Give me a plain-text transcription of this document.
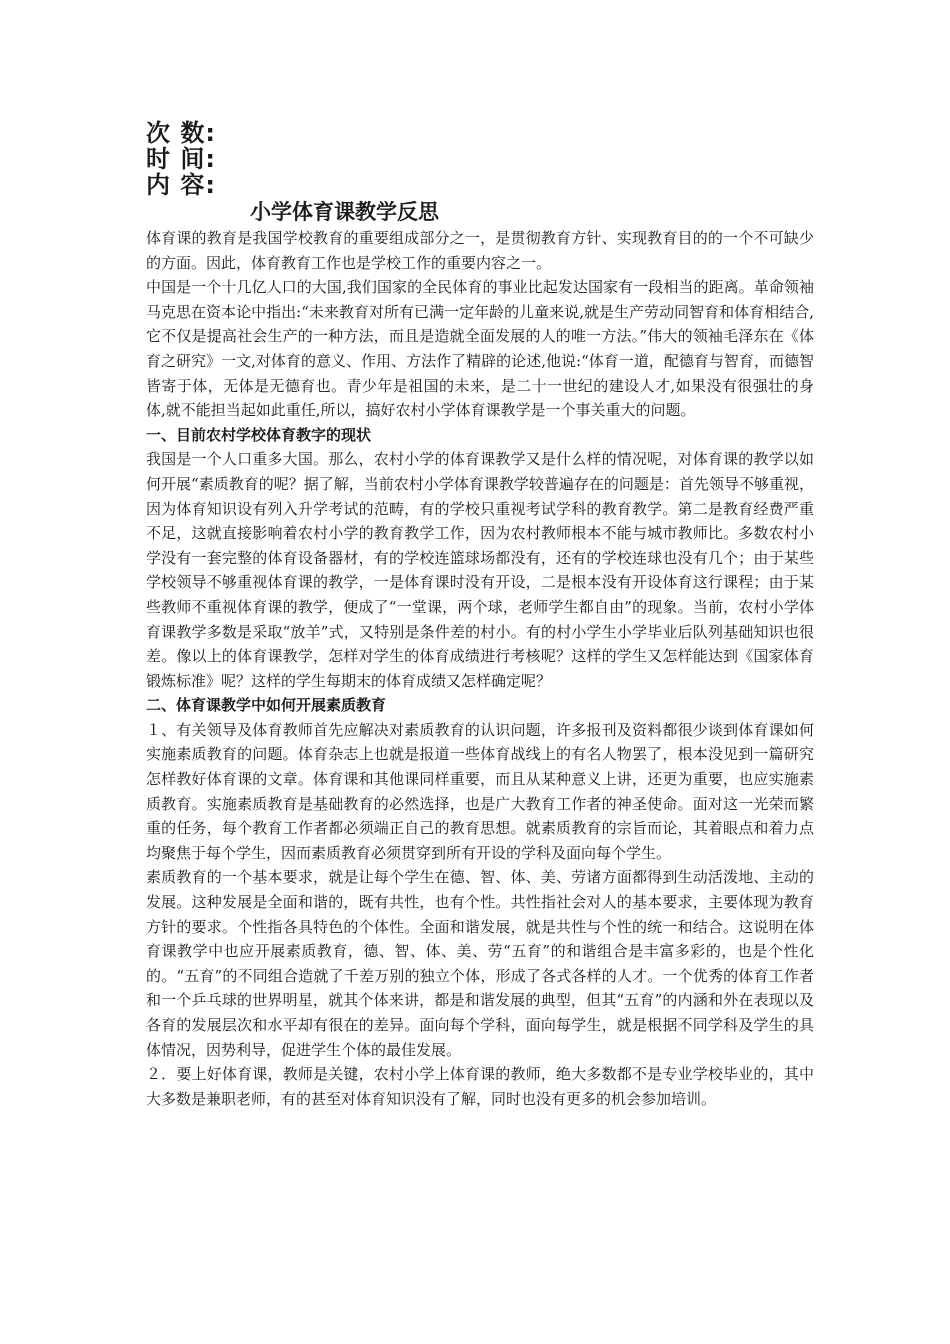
次 数:
时 间:
内 容:
小学体育课教学反思

体育课的教育是我国学校教育的重要组成部分之一，是贯彻教育方针、实现教育目的的一个不可缺少的方面。因此，体育教育工作也是学校工作的重要内容之一。

中国是一个十几亿人口的大国,我们国家的全民体育的事业比起发达国家有一段相当的距离。革命领袖马克思在资本论中指出:“未来教育对所有已满一定年龄的儿童来说,就是生产劳动同智育和体育相结合,它不仅是提高社会生产的一种方法，而且是造就全面发展的人的唯一方法。”伟大的领袖毛泽东在《体育之研究》一文,对体育的意义、作用、方法作了精辟的论述,他说:“体育一道，配德育与智育，而德智皆寄于体，无体是无德育也。青少年是祖国的未来，是二十一世纪的建设人才,如果没有很强壮的身体,就不能担当起如此重任,所以，搞好农村小学体育课教学是一个事关重大的问题。

一、目前农村学校体育教字的现状

我国是一个人口重多大国。那么，农村小学的体育课教学又是什么样的情况呢，对体育课的教学以如何开展“素质教育的呢？据了解，当前农村小学体育课教学较普遍存在的问题是：首先领导不够重视，因为体育知识设有列入升学考试的范畴，有的学校只重视考试学科的教育教学。第二是教育经费严重不足，这就直接影响着农村小学的教育教学工作，因为农村教师根本不能与城市教师比。多数农村小学没有一套完整的体育设备器材，有的学校连篮球场都没有，还有的学校连球也没有几个；由于某些学校领导不够重视体育课的教学，一是体育课时没有开设，二是根本没有开设体育这行课程；由于某些教师不重视体育课的教学，便成了“一堂课，两个球，老师学生都自由”的现象。当前，农村小学体育课教学多数是采取“放羊”式，又特别是条件差的村小。有的村小学生小学毕业后队列基础知识也很差。像以上的体育课教学，怎样对学生的体育成绩进行考核呢？这样的学生又怎样能达到《国家体育锻炼标准》呢？这样的学生每期末的体育成绩又怎样确定呢？

二、体育课教学中如何开展素质教育

１、有关领导及体育教师首先应解决对素质教育的认识问题，许多报刊及资料都很少谈到体育课如何实施素质教育的问题。体育杂志上也就是报道一些体育战线上的有名人物罢了，根本没见到一篇研究怎样教好体育课的文章。体育课和其他课同样重要，而且从某种意义上讲，还更为重要，也应实施素质教育。实施素质教育是基础教育的必然选择，也是广大教育工作者的神圣使命。面对这一光荣而繁重的任务，每个教育工作者都必须端正自己的教育思想。就素质教育的宗旨而论，其着眼点和着力点均聚焦于每个学生，因而素质教育必须贯穿到所有开设的学科及面向每个学生。

素质教育的一个基本要求，就是让每个学生在德、智、体、美、劳诸方面都得到生动活泼地、主动的发展。这种发展是全面和谐的，既有共性，也有个性。共性指社会对人的基本要求，主要体现为教育方针的要求。个性指各具特色的个体性。全面和谐发展，就是共性与个性的统一和结合。这说明在体育课教学中也应开展素质教育，德、智、体、美、劳“五育”的和谐组合是丰富多彩的，也是个性化的。“五育”的不同组合造就了千差万别的独立个体，形成了各式各样的人才。一个优秀的体育工作者和一个乒乓球的世界明星，就其个体来讲，都是和谐发展的典型，但其“五育”的内涵和外在表现以及各育的发展层次和水平却有很在的差异。面向每个学科，面向每学生，就是根据不同学科及学生的具体情况，因势利导，促进学生个体的最佳发展。

２．要上好体育课，教师是关键，农村小学上体育课的教师，绝大多数都不是专业学校毕业的，其中大多数是兼职老师，有的甚至对体育知识没有了解，同时也没有更多的机会参加培训。
